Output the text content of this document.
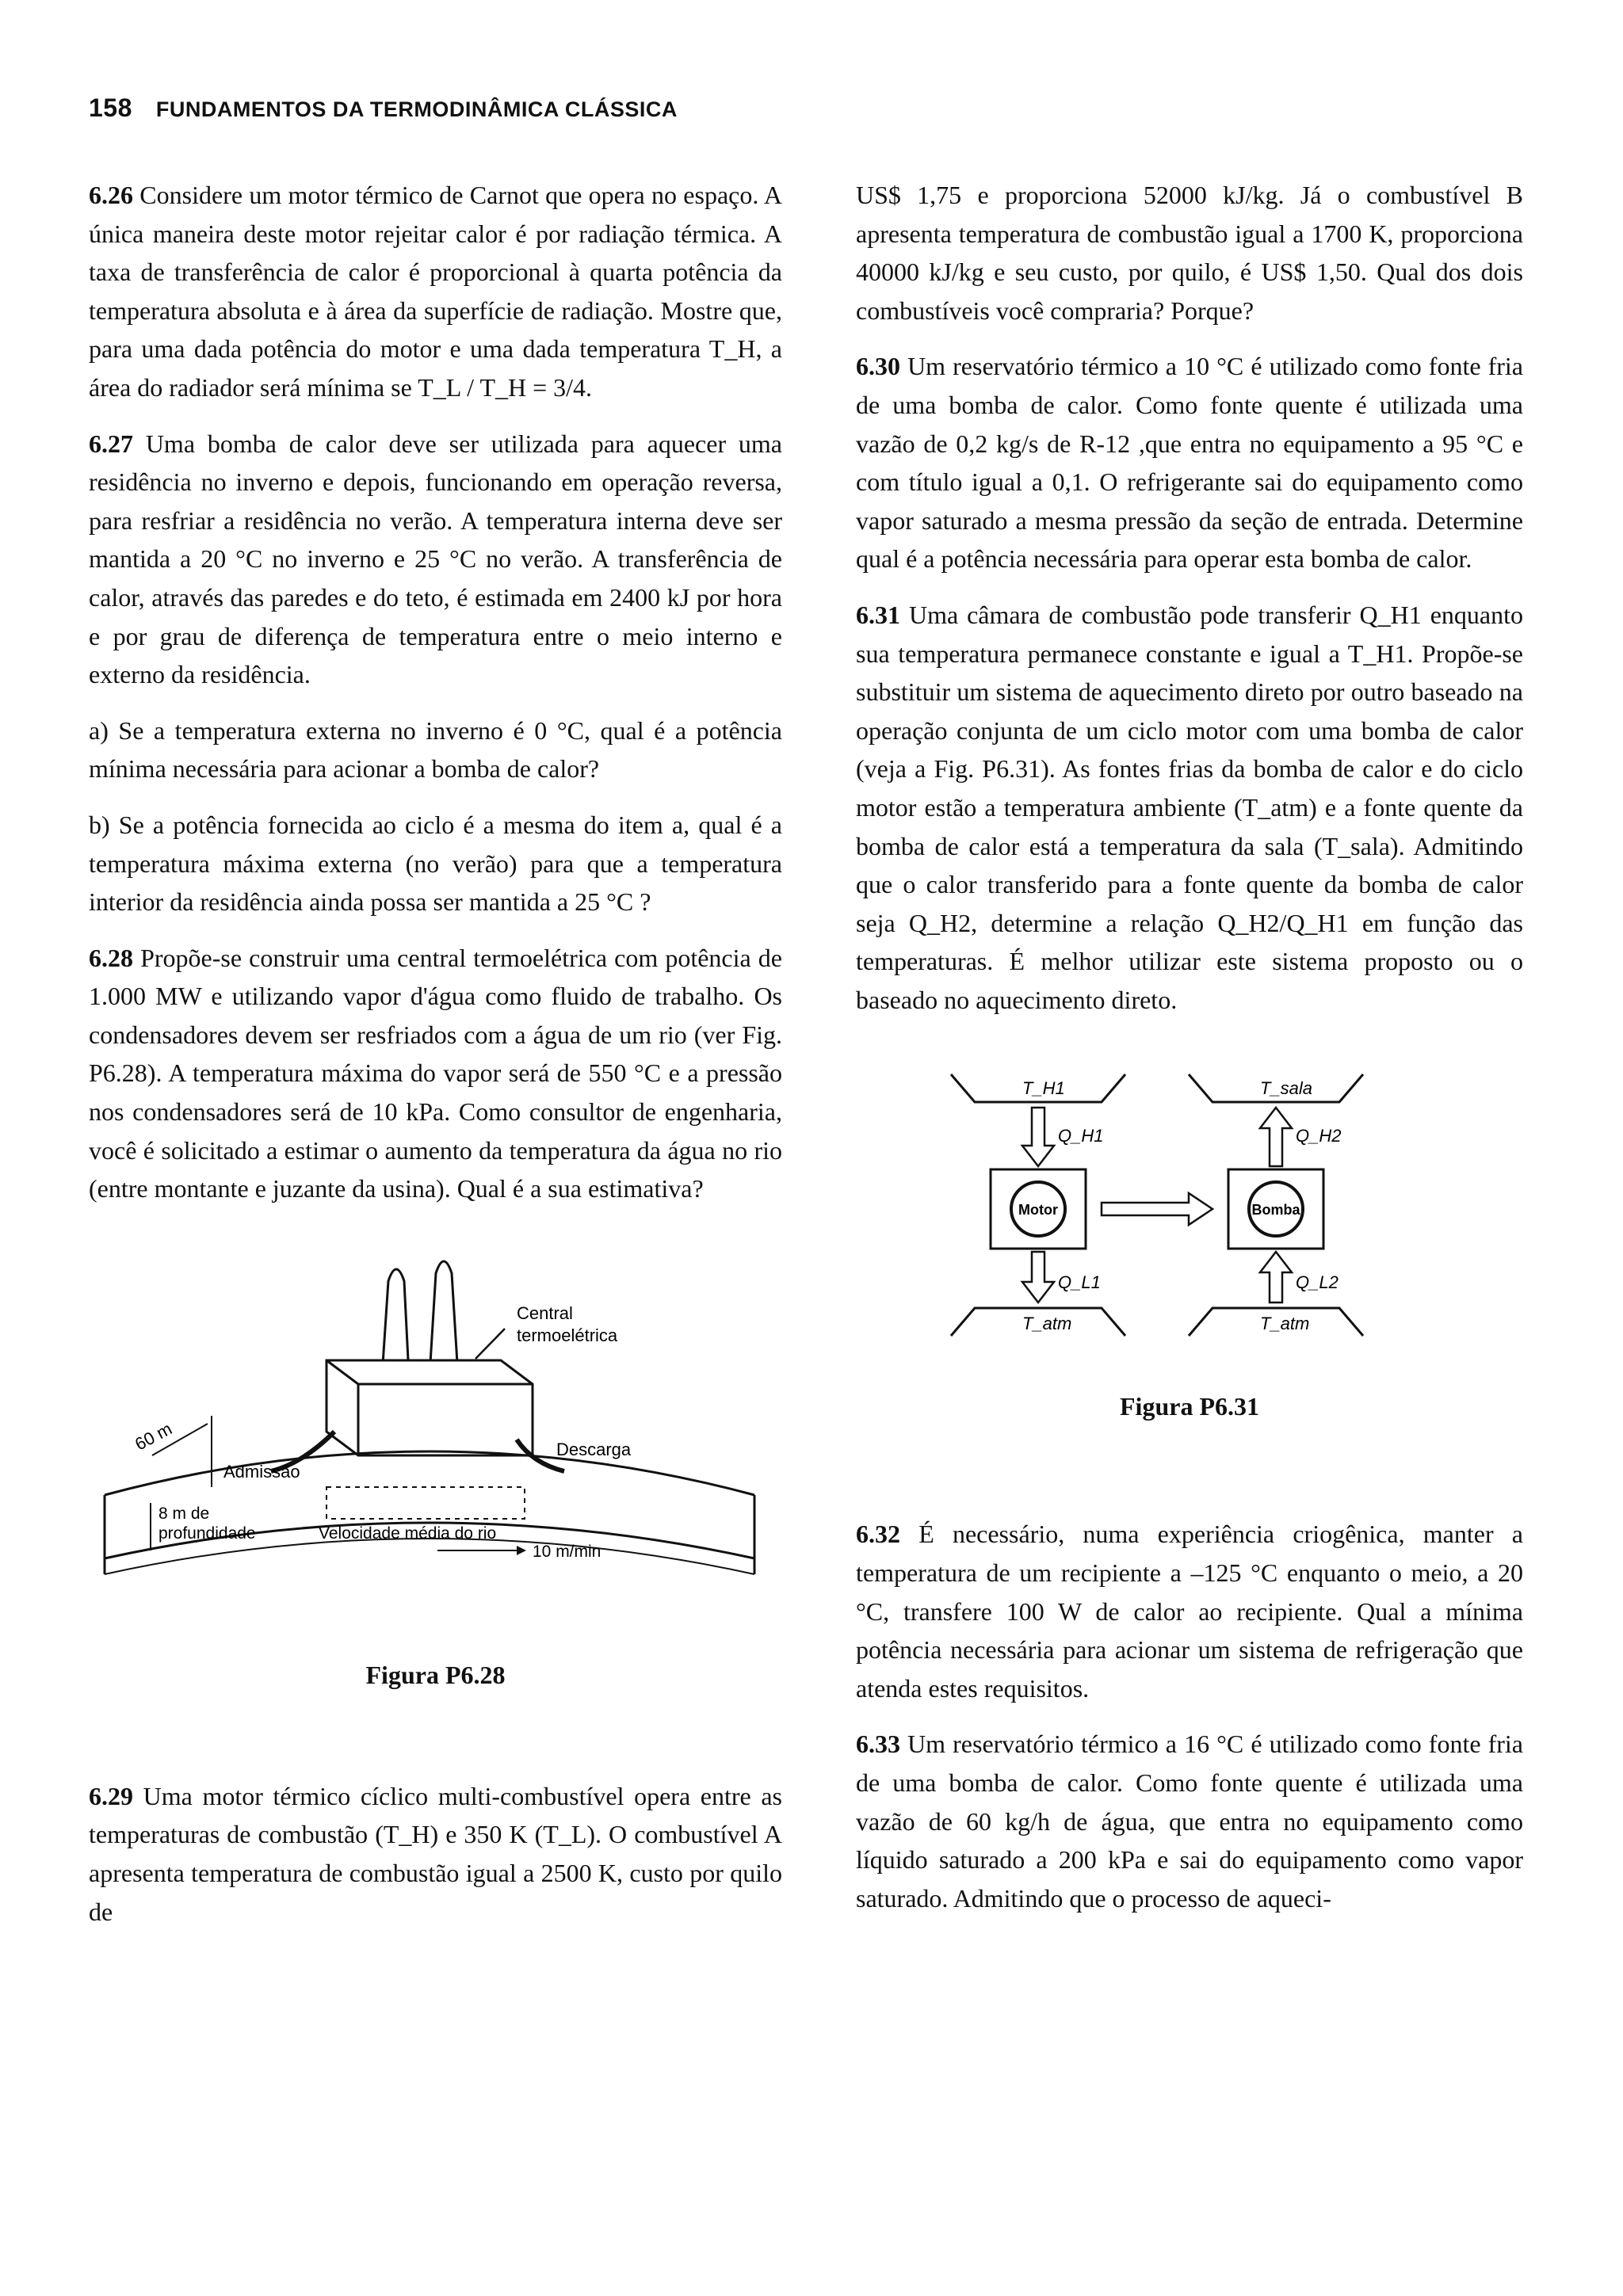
158 FUNDAMENTOS DA TERMODINÂMICA CLÁSSICA

6.26 Considere um motor térmico de Carnot que opera no espaço. A única maneira deste motor rejeitar calor é por radiação térmica. A taxa de transferência de calor é proporcional à quarta potência da temperatura absoluta e à área da superfície de radiação. Mostre que, para uma dada potência do motor e uma dada temperatura T_H, a área do radiador será mínima se T_L / T_H = 3/4.

6.27 Uma bomba de calor deve ser utilizada para aquecer uma residência no inverno e depois, funcionando em operação reversa, para resfriar a residência no verão. A temperatura interna deve ser mantida a 20 °C no inverno e 25 °C no verão. A transferência de calor, através das paredes e do teto, é estimada em 2400 kJ por hora e por grau de diferença de temperatura entre o meio interno e externo da residência.

a) Se a temperatura externa no inverno é 0 °C, qual é a potência mínima necessária para acionar a bomba de calor?

b) Se a potência fornecida ao ciclo é a mesma do item a, qual é a temperatura máxima externa (no verão) para que a temperatura interior da residência ainda possa ser mantida a 25 °C ?

6.28 Propõe-se construir uma central termoelétrica com potência de 1.000 MW e utilizando vapor d'água como fluido de trabalho. Os condensadores devem ser resfriados com a água de um rio (ver Fig. P6.28). A temperatura máxima do vapor será de 550 °C e a pressão nos condensadores será de 10 kPa. Como consultor de engenharia, você é solicitado a estimar o aumento da temperatura da água no rio (entre montante e juzante da usina). Qual é a sua estimativa?

Central
termoelétrica
Admissão
Descarga
60 m
8 m de
profundidade	Velocidade média do rio
10 m/min
Figura P6.28

6.29 Uma motor térmico cíclico multi-combustível opera entre as temperaturas de combustão (T_H) e 350 K (T_L). O combustível A apresenta temperatura de combustão igual a 2500 K, custo por quilo de

US$ 1,75 e proporciona 52000 kJ/kg. Já o combustível B apresenta temperatura de combustão igual a 1700 K, proporciona 40000 kJ/kg e seu custo, por quilo, é US$ 1,50. Qual dos dois combustíveis você compraria? Porque?

6.30 Um reservatório térmico a 10 °C é utilizado como fonte fria de uma bomba de calor. Como fonte quente é utilizada uma vazão de 0,2 kg/s de R-12 ,que entra no equipamento a 95 °C e com título igual a 0,1. O refrigerante sai do equipamento como vapor saturado a mesma pressão da seção de entrada. Determine qual é a potência necessária para operar esta bomba de calor.

6.31 Uma câmara de combustão pode transferir Q_H1 enquanto sua temperatura permanece constante e igual a T_H1. Propõe-se substituir um sistema de aquecimento direto por outro baseado na operação conjunta de um ciclo motor com uma bomba de calor (veja a Fig. P6.31). As fontes frias da bomba de calor e do ciclo motor estão a temperatura ambiente (T_atm) e a fonte quente da bomba de calor está a temperatura da sala (T_sala). Admitindo que o calor transferido para a fonte quente da bomba de calor seja Q_H2, determine a relação Q_H2/Q_H1 em função das temperaturas. É melhor utilizar este sistema proposto ou o baseado no aquecimento direto.

T_H1	T_sala
T_atm	T_atm
Motor	Bomba
Q_H1
Q_L1
Q_H2
Q_L2
Figura P6.31

6.32 É necessário, numa experiência criogênica, manter a temperatura de um recipiente a –125 °C enquanto o meio, a 20 °C, transfere 100 W de calor ao recipiente. Qual a mínima potência necessária para acionar um sistema de refrigeração que atenda estes requisitos.

6.33 Um reservatório térmico a 16 °C é utilizado como fonte fria de uma bomba de calor. Como fonte quente é utilizada uma vazão de 60 kg/h de água, que entra no equipamento como líquido saturado a 200 kPa e sai do equipamento como vapor saturado. Admitindo que o processo de aqueci-
